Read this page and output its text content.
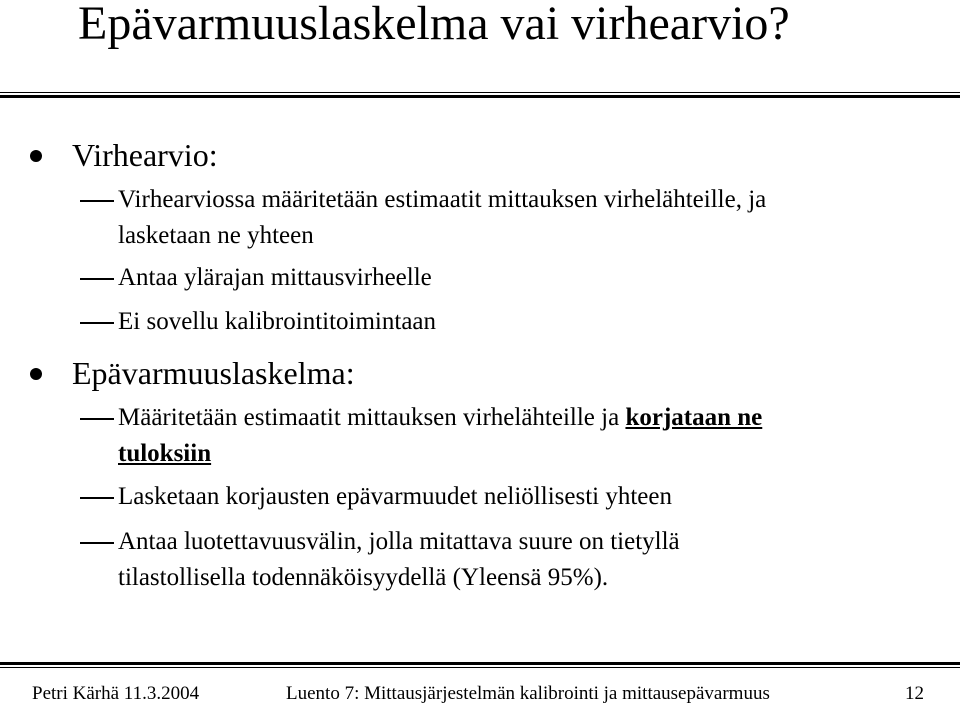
Epävarmuuslaskelma vai virhearvio?
Virhearvio:
Virhearviossa määritetään estimaatit mittauksen virhelähteille, ja
lasketaan ne yhteen
Antaa ylärajan mittausvirheelle
Ei sovellu kalibrointitoimintaan
Epävarmuuslaskelma:
Määritetään estimaatit mittauksen virhelähteille ja korjataan ne
tuloksiin
Lasketaan korjausten epävarmuudet neliöllisesti yhteen
Antaa luotettavuusvälin, jolla mitattava suure on tietyllä
tilastollisella todennäköisyydellä (Yleensä 95%).
Petri Kärhä 11.3.2004	Luento 7: Mittausjärjestelmän kalibrointi ja mittausepävarmuus	12
